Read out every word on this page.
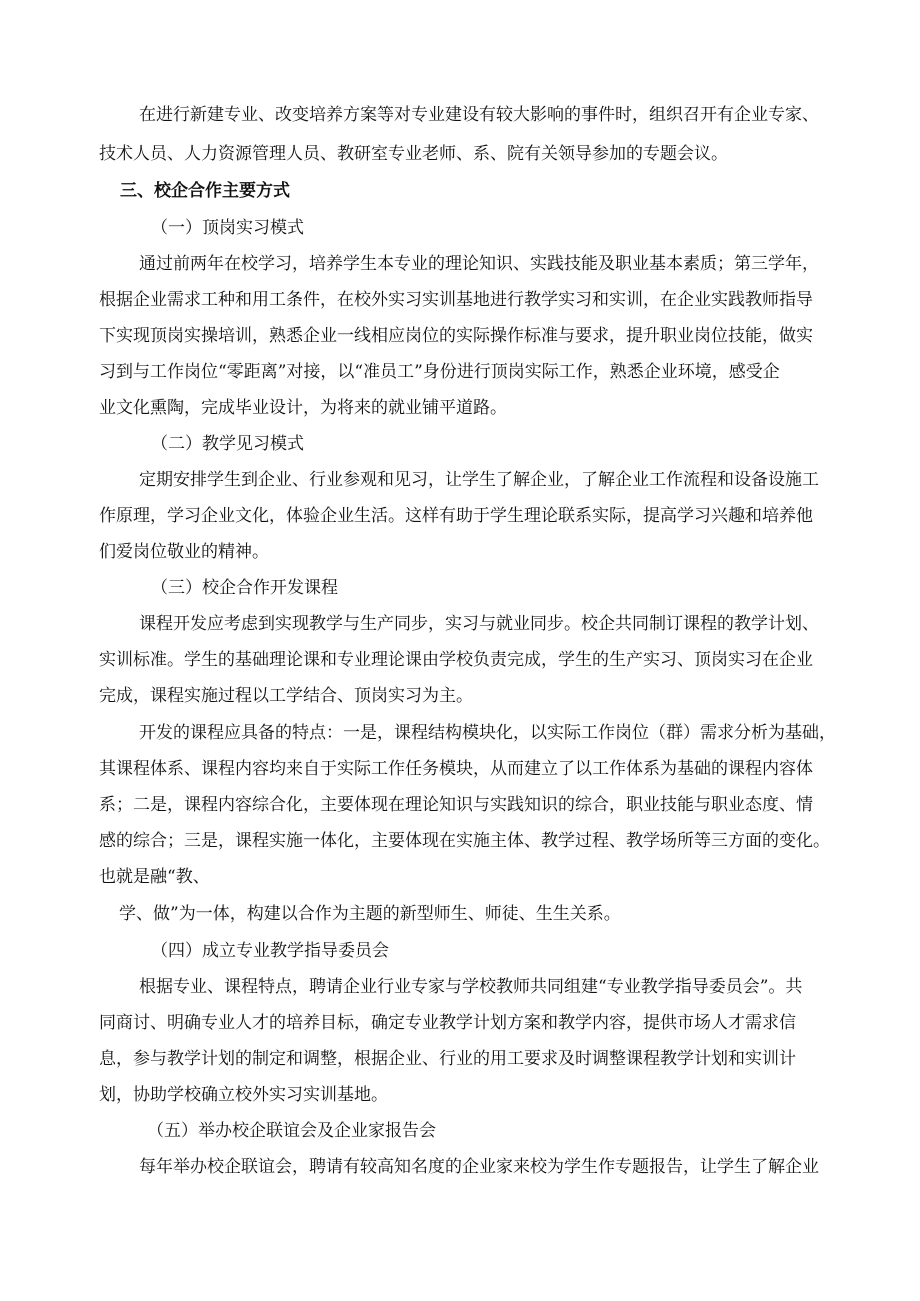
在进行新建专业、改变培养方案等对专业建设有较大影响的事件时，组织召开有企业专家、

技术人员、人力资源管理人员、教研室专业老师、系、院有关领导参加的专题会议。

三、校企合作主要方式

（一）顶岗实习模式

通过前两年在校学习，培养学生本专业的理论知识、实践技能及职业基本素质；第三学年，

根据企业需求工种和用工条件，在校外实习实训基地进行教学实习和实训，在企业实践教师指导

下实现顶岗实操培训，熟悉企业一线相应岗位的实际操作标准与要求，提升职业岗位技能，做实

习到与工作岗位“零距离”对接，以“准员工”身份进行顶岗实际工作，熟悉企业环境，感受企

业文化熏陶，完成毕业设计，为将来的就业铺平道路。

（二）教学见习模式

定期安排学生到企业、行业参观和见习，让学生了解企业，了解企业工作流程和设备设施工

作原理，学习企业文化，体验企业生活。这样有助于学生理论联系实际，提高学习兴趣和培养他

们爱岗位敬业的精神。

（三）校企合作开发课程

课程开发应考虑到实现教学与生产同步，实习与就业同步。校企共同制订课程的教学计划、

实训标准。学生的基础理论课和专业理论课由学校负责完成，学生的生产实习、顶岗实习在企业

完成，课程实施过程以工学结合、顶岗实习为主。

开发的课程应具备的特点：一是，课程结构模块化，以实际工作岗位（群）需求分析为基础，

其课程体系、课程内容均来自于实际工作任务模块，从而建立了以工作体系为基础的课程内容体

系；二是，课程内容综合化，主要体现在理论知识与实践知识的综合，职业技能与职业态度、情

感的综合；三是，课程实施一体化，主要体现在实施主体、教学过程、教学场所等三方面的变化。

也就是融“教、

学、做”为一体，构建以合作为主题的新型师生、师徒、生生关系。

（四）成立专业教学指导委员会

根据专业、课程特点，聘请企业行业专家与学校教师共同组建“专业教学指导委员会”。共

同商讨、明确专业人才的培养目标，确定专业教学计划方案和教学内容，提供市场人才需求信

息，参与教学计划的制定和调整，根据企业、行业的用工要求及时调整课程教学计划和实训计

划，协助学校确立校外实习实训基地。

（五）举办校企联谊会及企业家报告会

每年举办校企联谊会，聘请有较高知名度的企业家来校为学生作专题报告，让学生了解企业
